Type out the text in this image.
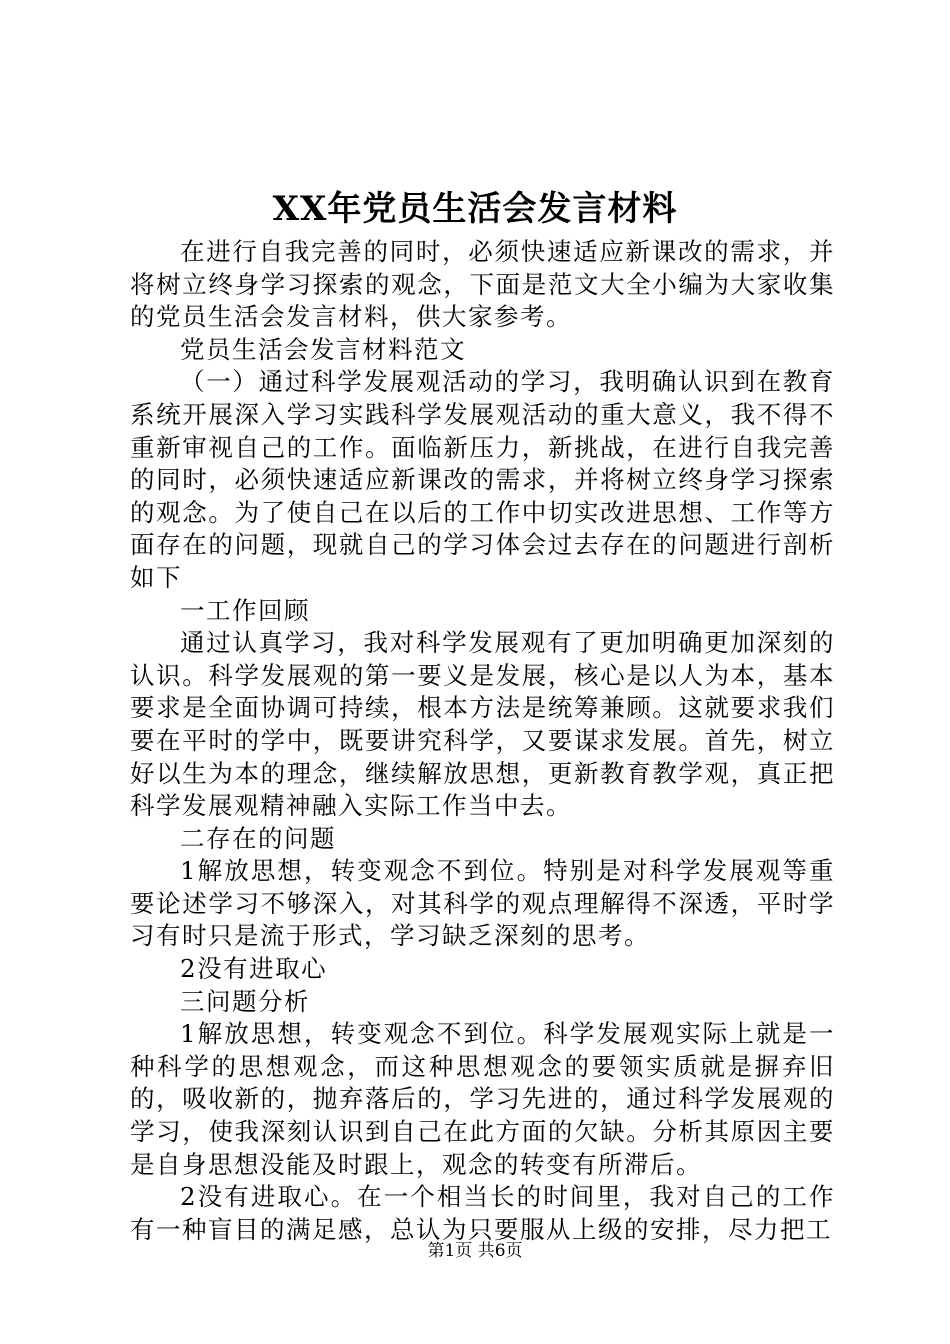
XX年党员生活会发言材料

在进行自我完善的同时，必须快速适应新课改的需求，并将树立终身学习探索的观念，下面是范文大全小编为大家收集的党员生活会发言材料，供大家参考。

党员生活会发言材料范文

（一）通过科学发展观活动的学习，我明确认识到在教育系统开展深入学习实践科学发展观活动的重大意义，我不得不重新审视自己的工作。面临新压力，新挑战，在进行自我完善的同时，必须快速适应新课改的需求，并将树立终身学习探索的观念。为了使自己在以后的工作中切实改进思想、工作等方面存在的问题，现就自己的学习体会过去存在的问题进行剖析如下

一工作回顾

通过认真学习，我对科学发展观有了更加明确更加深刻的认识。科学发展观的第一要义是发展，核心是以人为本，基本要求是全面协调可持续，根本方法是统筹兼顾。这就要求我们要在平时的学中，既要讲究科学，又要谋求发展。首先，树立好以生为本的理念，继续解放思想，更新教育教学观，真正把科学发展观精神融入实际工作当中去。

二存在的问题

1解放思想，转变观念不到位。特别是对科学发展观等重要论述学习不够深入，对其科学的观点理解得不深透，平时学习有时只是流于形式，学习缺乏深刻的思考。

2没有进取心

三问题分析

1解放思想，转变观念不到位。科学发展观实际上就是一种科学的思想观念，而这种思想观念的要领实质就是摒弃旧的，吸收新的，抛弃落后的，学习先进的，通过科学发展观的学习，使我深刻认识到自己在此方面的欠缺。分析其原因主要是自身思想没能及时跟上，观念的转变有所滞后。

2没有进取心。在一个相当长的时间里，我对自己的工作有一种盲目的满足感，总认为只要服从上级的安排，尽力把工

第1页 共6页
